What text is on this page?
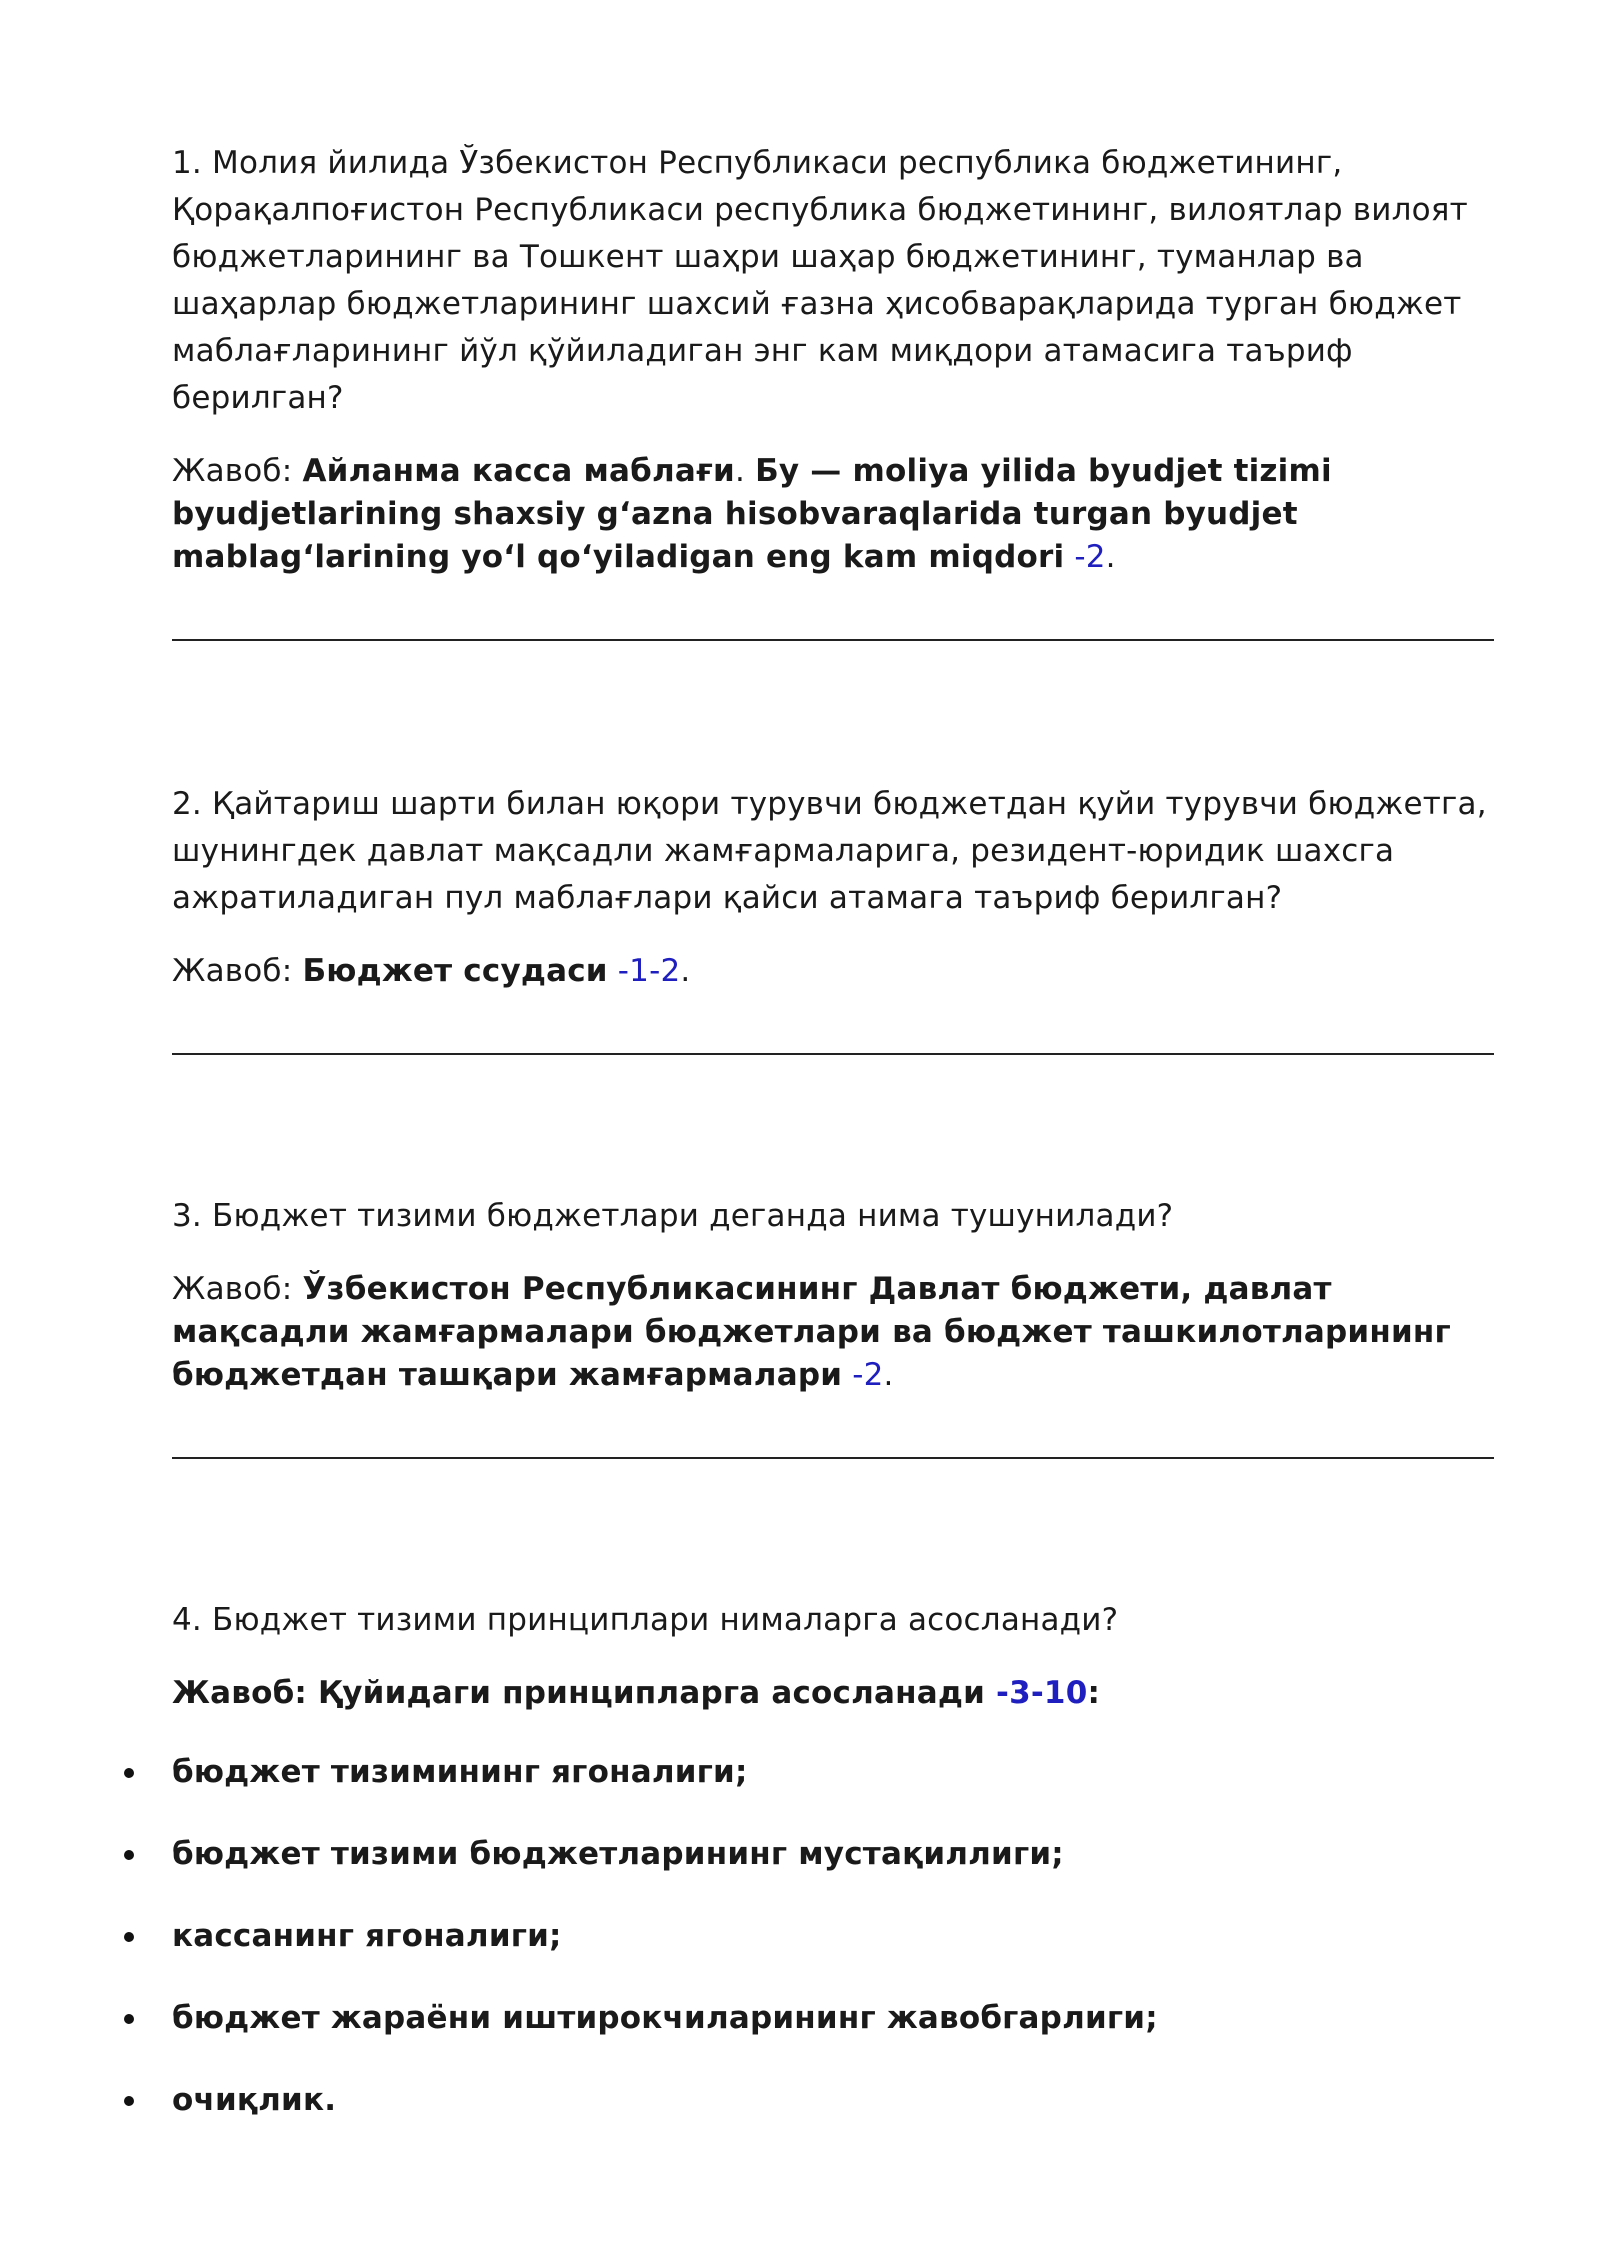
1. Молия йилида Ўзбекистон Республикаси республика бюджетининг, Қорақалпоғистон Республикаси республика бюджетининг, вилоятлар вилоят бюджетларининг ва Тошкент шаҳри шаҳар бюджетининг, туманлар ва шаҳарлар бюджетларининг шахсий ғазна ҳисобварақларида турган бюджет маблағларининг йўл қўйиладиган энг кам миқдори атамасига таъриф берилган?

Жавоб: Айланма касса маблағи. Бу — moliya yilida byudjet tizimi byudjetlarining shaxsiy g‘azna hisobvaraqlarida turgan byudjet mablag‘larining yo‘l qo‘yiladigan eng kam miqdori -2.

2. Қайтариш шарти билан юқори турувчи бюджетдан қуйи турувчи бюджетга, шунингдек давлат мақсадли жамғармаларига, резидент-юридик шахсга ажратиладиган пул маблағлари қайси атамага таъриф берилган?

Жавоб: Бюджет ссудаси -1-2.

3. Бюджет тизими бюджетлари деганда нима тушунилади?

Жавоб: Ўзбекистон Республикасининг Давлат бюджети, давлат мақсадли жамғармалари бюджетлари ва бюджет ташкилотларининг бюджетдан ташқари жамғармалари -2.

4. Бюджет тизими принциплари нималарга асосланади?

Жавоб: Қуйидаги принципларга асосланади -3-10:

бюджет тизимининг ягоналиги;
бюджет тизими бюджетларининг мустақиллиги;
кассанинг ягоналиги;
бюджет жараёни иштирокчиларининг жавобгарлиги;
очиқлик.
